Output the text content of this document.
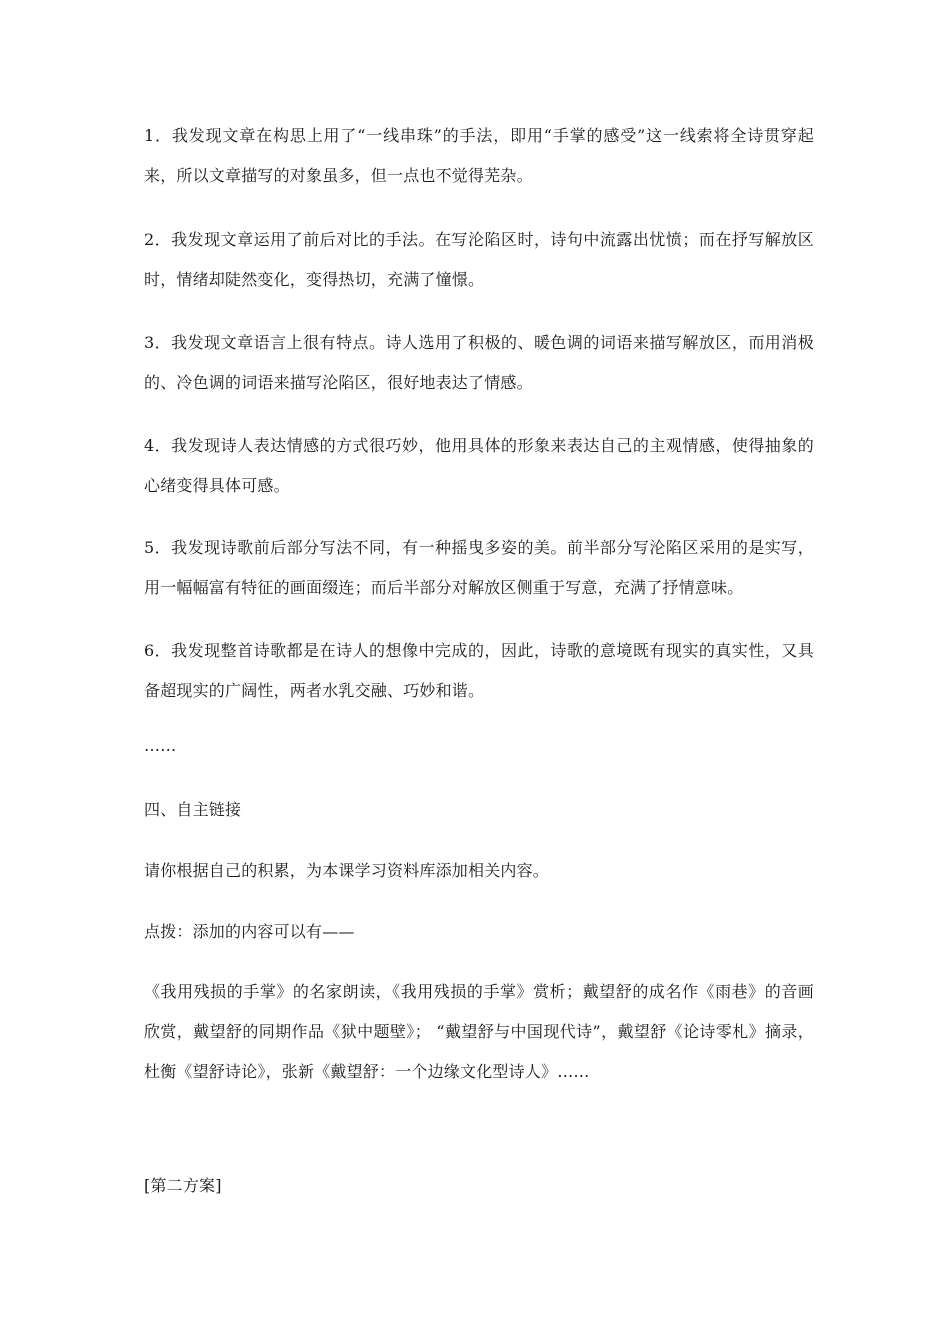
1．我发现文章在构思上用了“一线串珠”的手法，即用“手掌的感受”这一线索将全诗贯穿起来，所以文章描写的对象虽多，但一点也不觉得芜杂。

2．我发现文章运用了前后对比的手法。在写沦陷区时，诗句中流露出忧愤；而在抒写解放区时，情绪却陡然变化，变得热切，充满了憧憬。

3．我发现文章语言上很有特点。诗人选用了积极的、暖色调的词语来描写解放区，而用消极的、冷色调的词语来描写沦陷区，很好地表达了情感。

4．我发现诗人表达情感的方式很巧妙，他用具体的形象来表达自己的主观情感，使得抽象的心绪变得具体可感。

5．我发现诗歌前后部分写法不同，有一种摇曳多姿的美。前半部分写沦陷区采用的是实写，用一幅幅富有特征的画面缀连；而后半部分对解放区侧重于写意，充满了抒情意味。

6．我发现整首诗歌都是在诗人的想像中完成的，因此，诗歌的意境既有现实的真实性，又具备超现实的广阔性，两者水乳交融、巧妙和谐。

……

四、自主链接

请你根据自己的积累，为本课学习资料库添加相关内容。

点拨：添加的内容可以有——

《我用残损的手掌》的名家朗读，《我用残损的手掌》赏析；戴望舒的成名作《雨巷》的音画欣赏，戴望舒的同期作品《狱中题壁》； “戴望舒与中国现代诗”，戴望舒《论诗零札》摘录，杜衡《望舒诗论》，张新《戴望舒：一个边缘文化型诗人》……

[第二方案]
